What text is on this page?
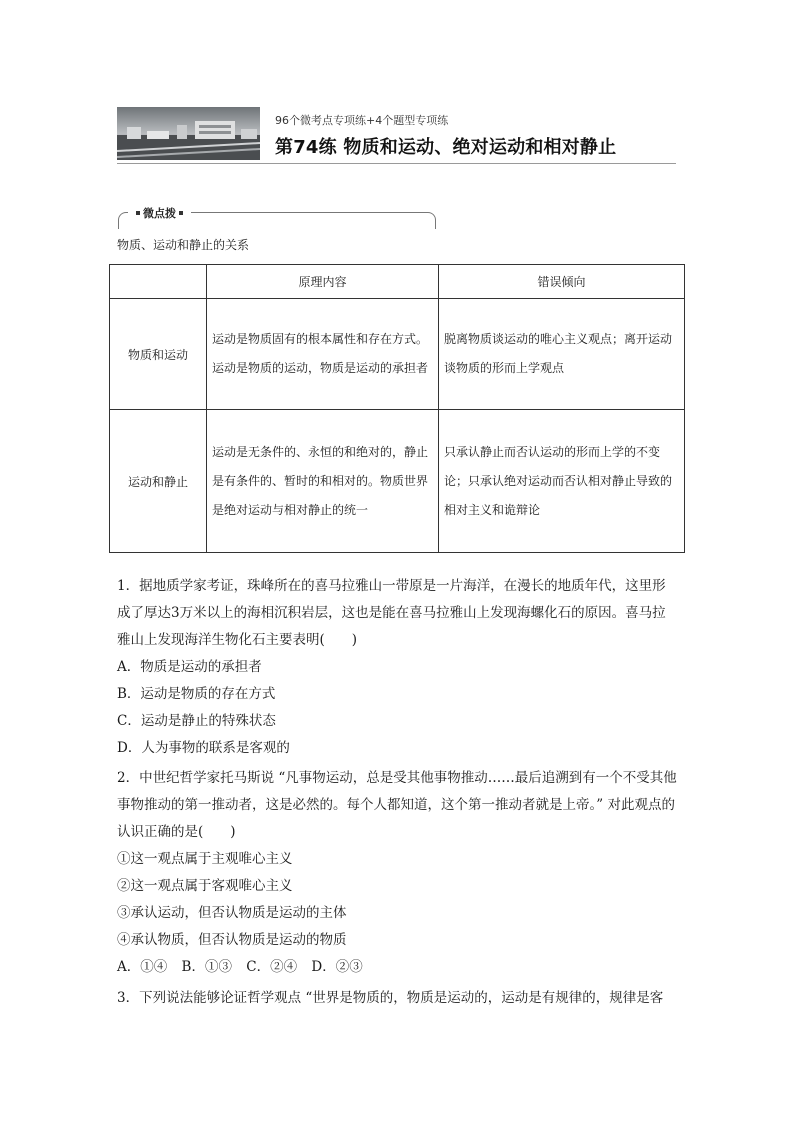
96个微考点专项练+4个题型专项练
第74练 物质和运动、绝对运动和相对静止
微点拨
物质、运动和静止的关系
	原理内容	错误倾向
物质和运动	运动是物质固有的根本属性和存在方式。运动是物质的运动，物质是运动的承担者	脱离物质谈运动的唯心主义观点；离开运动谈物质的形而上学观点
运动和静止	运动是无条件的、永恒的和绝对的，静止是有条件的、暂时的和相对的。物质世界是绝对运动与相对静止的统一	只承认静止而否认运动的形而上学的不变论；只承认绝对运动而否认相对静止导致的相对主义和诡辩论

1．据地质学家考证，珠峰所在的喜马拉雅山一带原是一片海洋，在漫长的地质年代，这里形成了厚达3万米以上的海相沉积岩层，这也是能在喜马拉雅山上发现海螺化石的原因。喜马拉雅山上发现海洋生物化石主要表明(　　)

A．物质是运动的承担者

B．运动是物质的存在方式

C．运动是静止的特殊状态

D．人为事物的联系是客观的

2．中世纪哲学家托马斯说 “凡事物运动，总是受其他事物推动……最后追溯到有一个不受其他事物推动的第一推动者，这是必然的。每个人都知道，这个第一推动者就是上帝。” 对此观点的认识正确的是(　　)

①这一观点属于主观唯心主义

②这一观点属于客观唯心主义

③承认运动，但否认物质是运动的主体

④承认物质，但否认物质是运动的物质

A．①④ B．①③ C．②④ D．②③

3．下列说法能够论证哲学观点 “世界是物质的，物质是运动的，运动是有规律的，规律是客
